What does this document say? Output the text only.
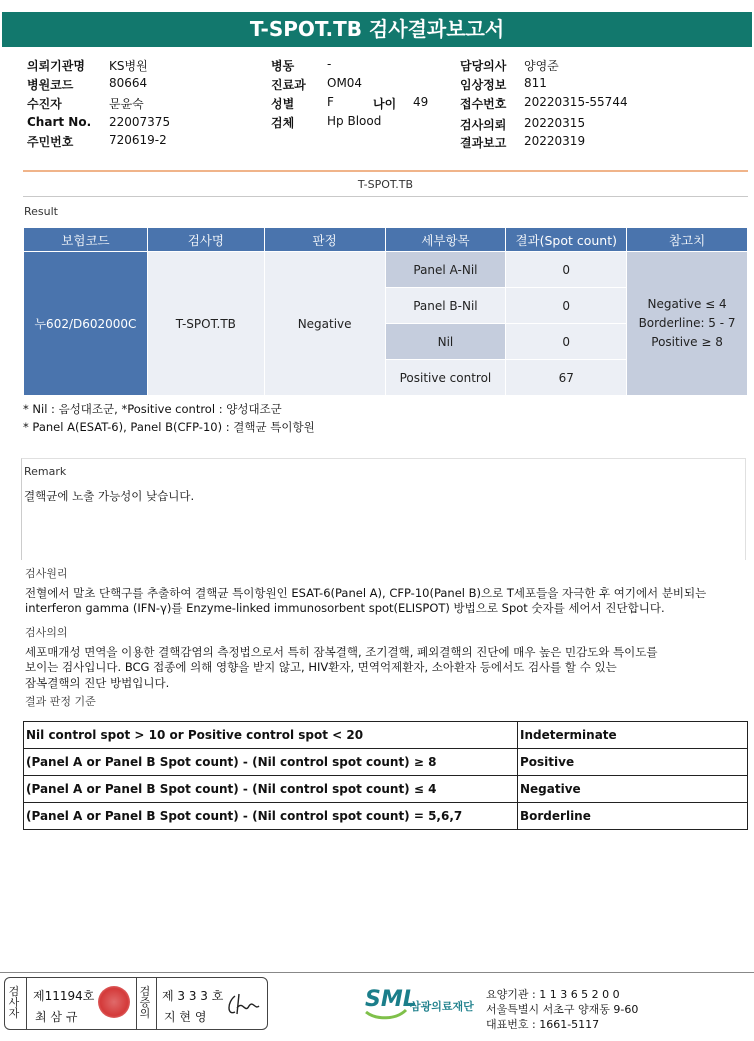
T-SPOT.TB 검사결과보고서
의뢰기관명 KS병원
병원코드	80664
수진자	문윤숙
Chart No. 22007375
주민번호	720619-2
병동	-
진료과 OM04
성별	F	나이 49
검체	Hp Blood
담당의사 양영준
임상정보 811
접수번호 20220315-55744
검사의뢰 20220315
결과보고 20220319
T-SPOT.TB
Result
보험코드	검사명	판정	세부항목	결과(Spot count)	참고치
누602/D602000C	T-SPOT.TB	Negative	Panel A-Nil	0	Negative ≤ 4
Borderline: 5 - 7
Positive ≥ 8

			Panel B-Nil	0	
			Nil	0	
			Positive control	67	
* Nil : 음성대조군, *Positive control : 양성대조군
* Panel A(ESAT-6), Panel B(CFP-10) : 결핵균 특이항원
Remark
결핵균에 노출 가능성이 낮습니다.
검사원리
전혈에서 말초 단핵구를 추출하여 결핵균 특이항원인 ESAT-6(Panel A), CFP-10(Panel B)으로 T세포들을 자극한 후 여기에서 분비되는
interferon gamma (IFN-γ)를 Enzyme-linked immunosorbent spot(ELISPOT) 방법으로 Spot 숫자를 세어서 진단합니다.
검사의의
세포매개성 면역을 이용한 결핵감염의 측정법으로서 특히 잠복결핵, 조기결핵, 폐외결핵의 진단에 매우 높은 민감도와 특이도를
보이는 검사입니다. BCG 접종에 의해 영향을 받지 않고, HIV환자, 면역억제환자, 소아환자 등에서도 검사를 할 수 있는
잠복결핵의 진단 방법입니다.
결과 판정 기준
Nil control spot > 10 or Positive control spot < 20	Indeterminate
(Panel A or Panel B Spot count) - (Nil control spot count) ≥ 8	Positive
(Panel A or Panel B Spot count) - (Nil control spot count) ≤ 4	Negative
(Panel A or Panel B Spot count) - (Nil control spot count) = 5,6,7	Borderline
검사자
제11194호
최 삼 규
검증의
제 3 3 3 호
지 현 영
SML
삼광의료재단
요양기관 : 1 1 3 6 5 2 0 0
서울특별시 서초구 양재동 9-60
대표번호 : 1661-5117
